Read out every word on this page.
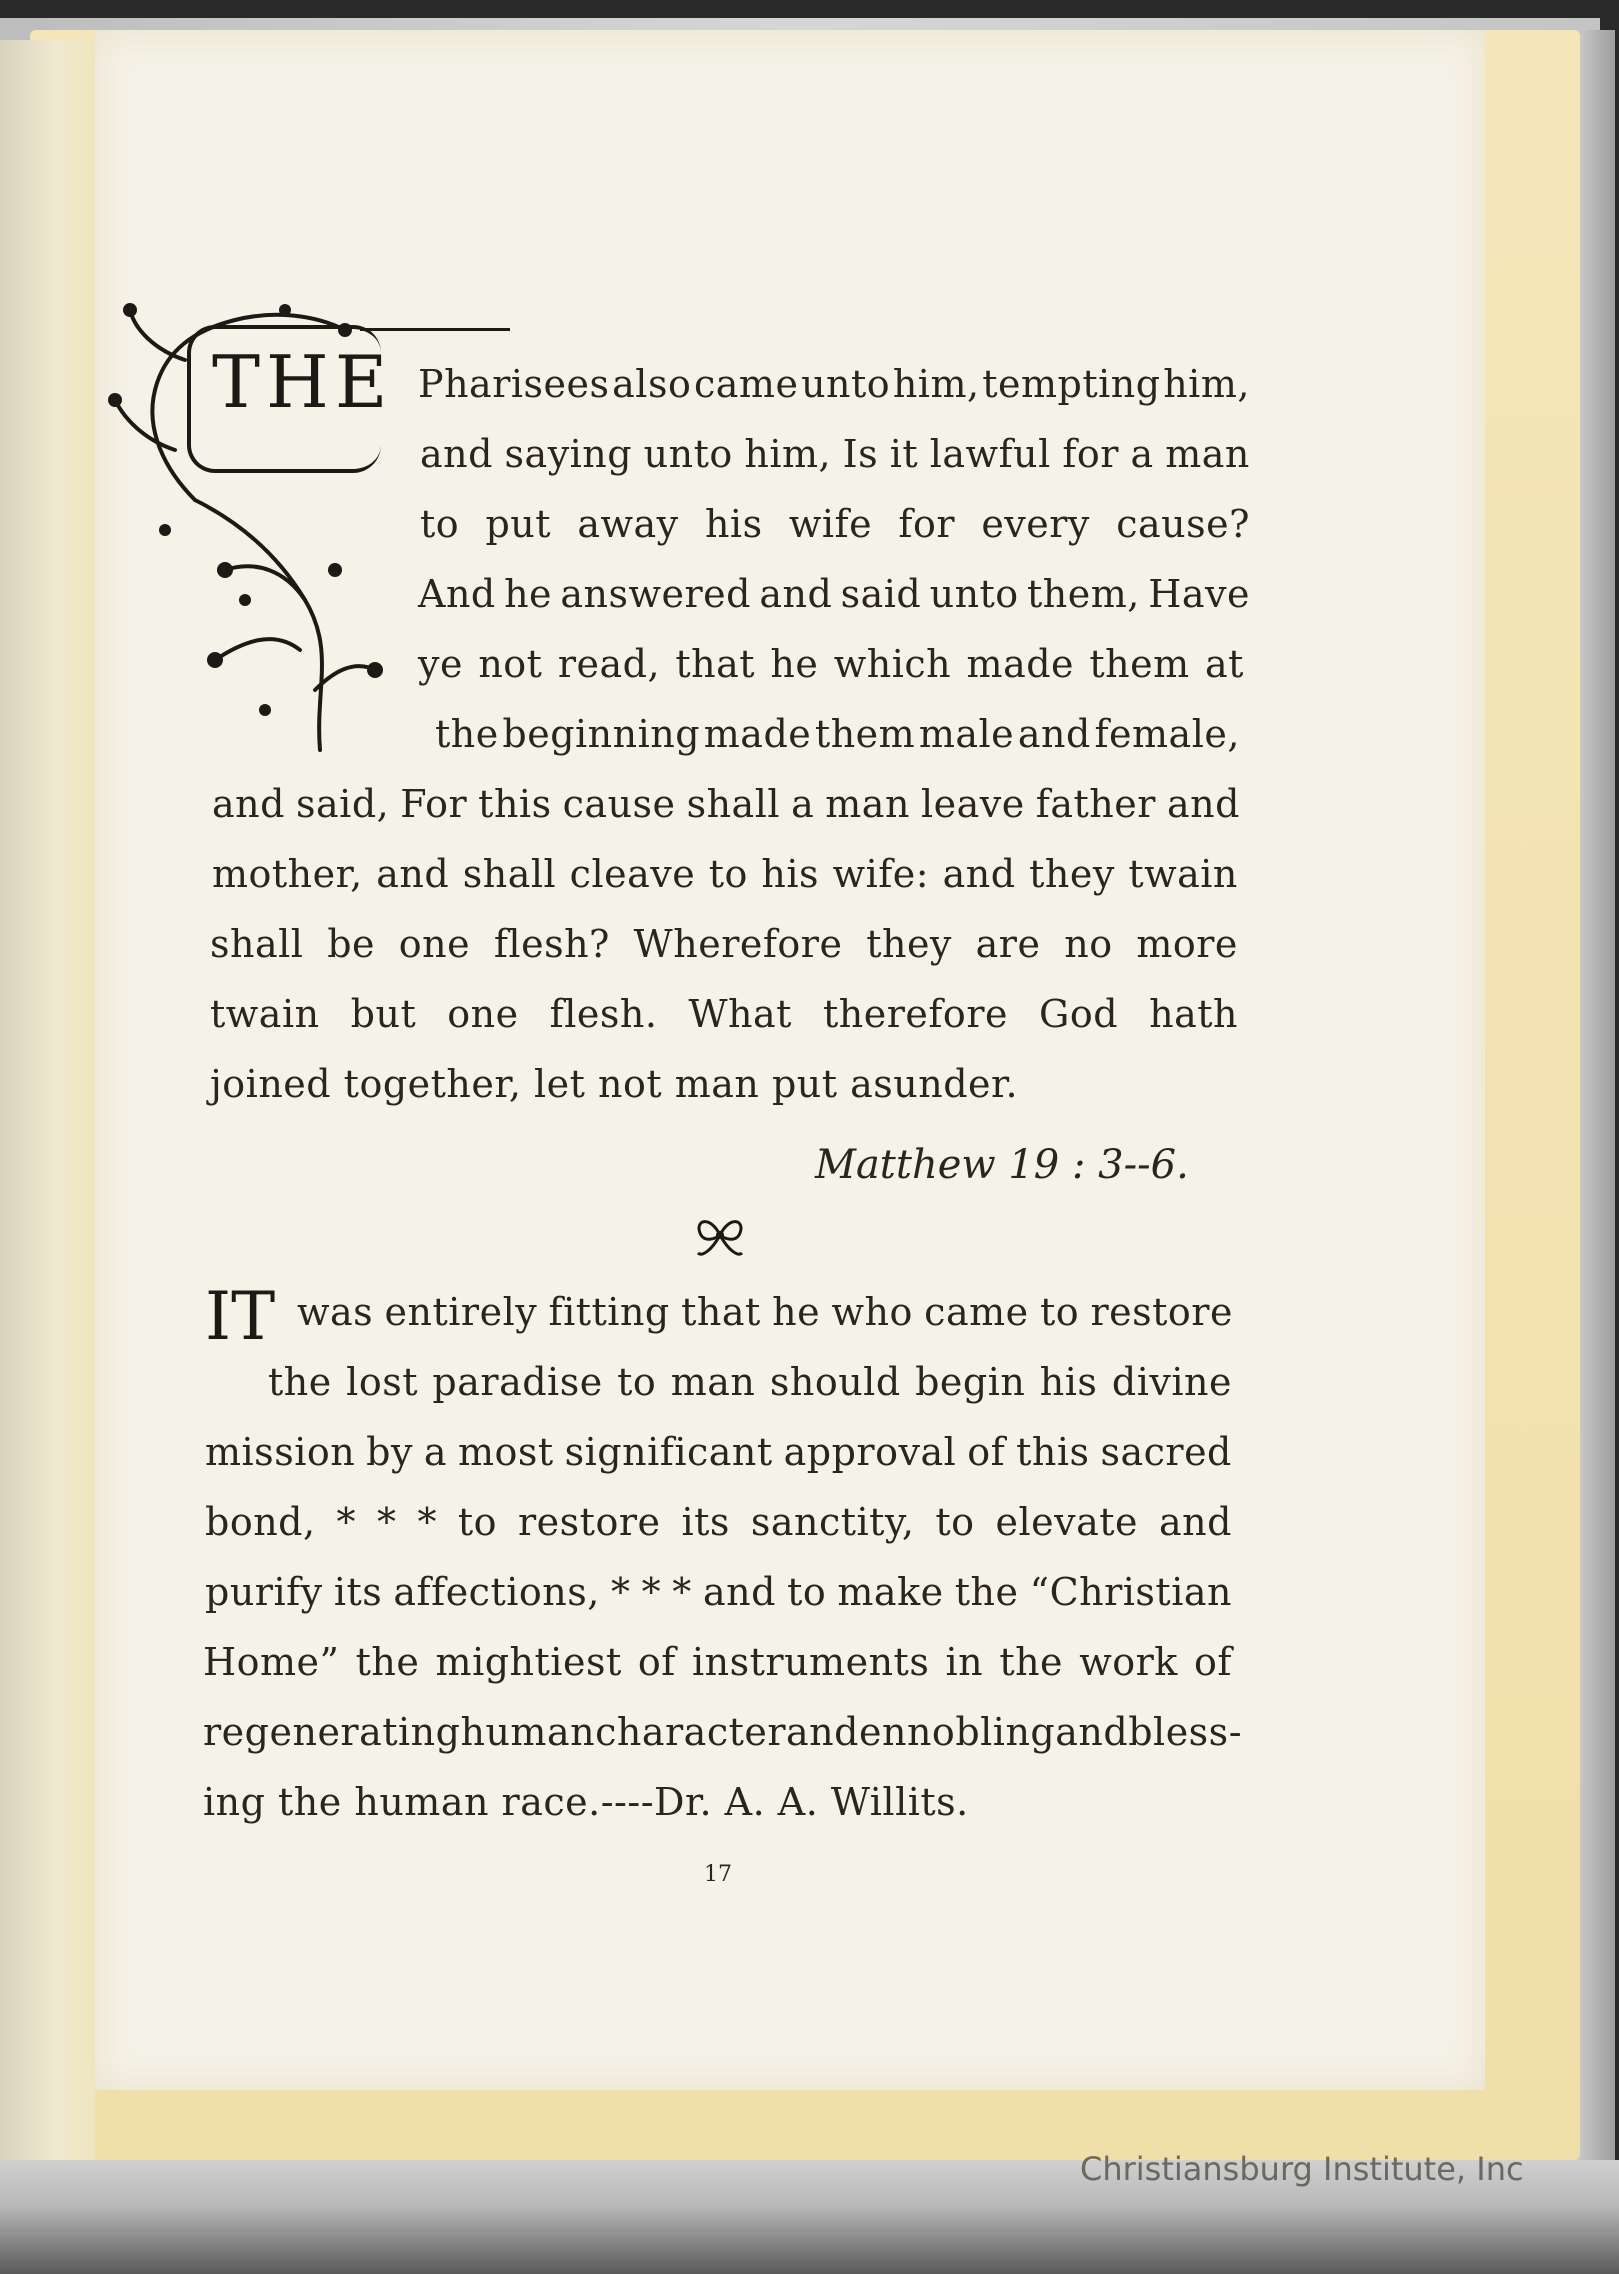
THE Pharisees also came unto him, tempting him,
and saying unto him, Is it lawful for a man
to put away his wife for every cause?
And he answered and said unto them, Have
ye not read, that he which made them at
the beginning made them male and female,
and said, For this cause shall a man leave father and
mother, and shall cleave to his wife: and they twain
shall be one flesh? Wherefore they are no more
twain but one flesh. What therefore God hath
joined together, let not man put asunder.
Matthew 19 : 3--6.
IT was entirely fitting that he who came to restore
the lost paradise to man should begin his divine
mission by a most significant approval of this sacred
bond, * * * to restore its sanctity, to elevate and
purify its affections, * * * and to make the “Christian
Home” the mightiest of instruments in the work of
regenerating human character and ennobling and bless-
ing the human race.----Dr. A. A. Willits.
17
Christiansburg Institute, Inc
